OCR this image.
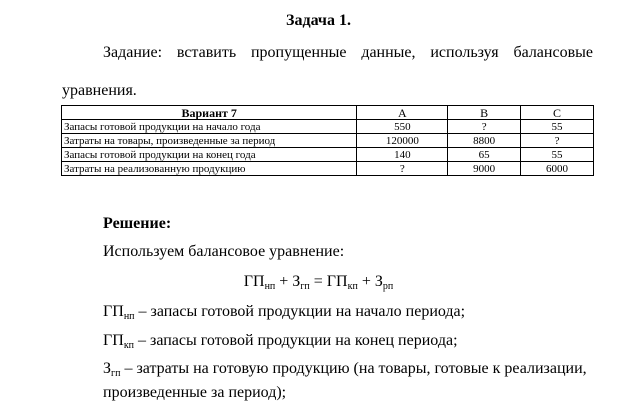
Задача 1.
Задание: вставить пропущенные данные, используя балансовые
уравнения.
Вариант 7	A	B	C
Запасы готовой продукции на начало года	550	?	55
Затраты на товары, произведенные за период	120000	8800	?
Запасы готовой продукции на конец года	140	65	55
Затраты на реализованную продукцию	?	9000	6000
Решение:
Используем балансовое уравнение:
$ГП_{нп} + З_{гп} = ГП_{кп} + З_{рп}$
$ГП_{нп}$ – запасы готовой продукции на начало периода;
$ГП_{кп}$ – запасы готовой продукции на конец периода;
$З_{гп}$ – затраты на готовую продукцию (на товары, готовые к реализации,
произведенные за период);
